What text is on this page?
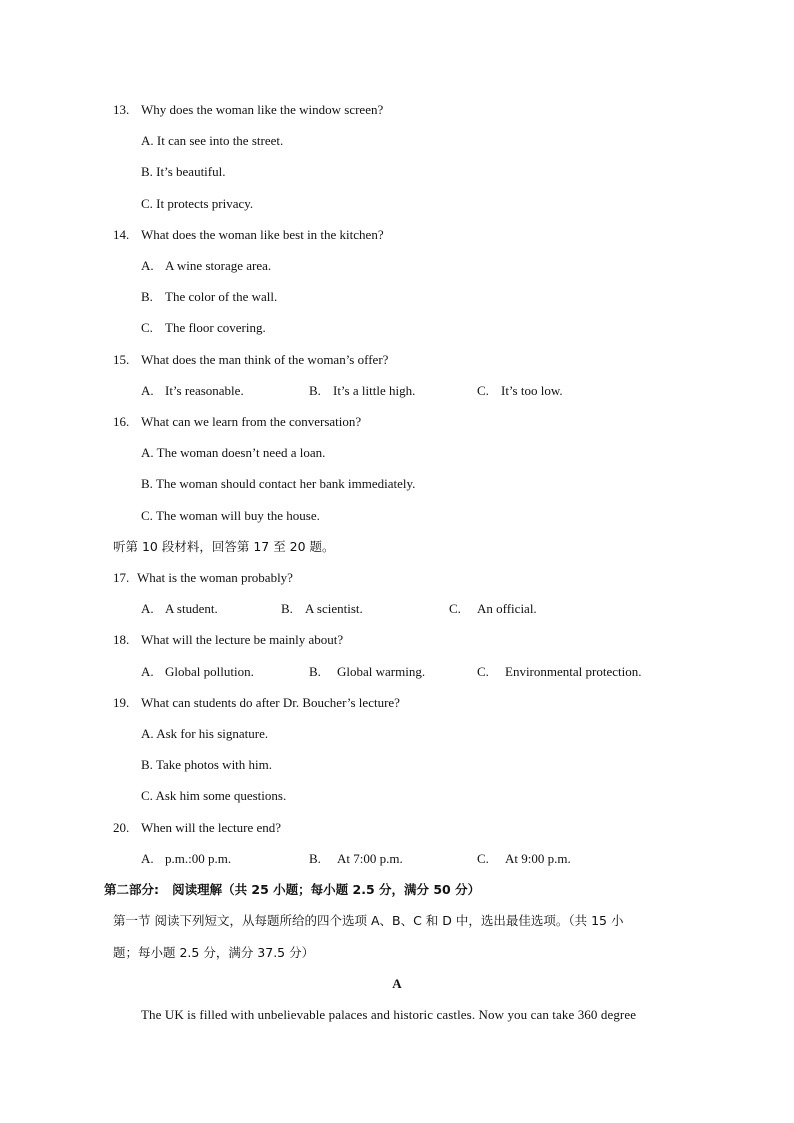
13. Why does the woman like the window screen?
A. It can see into the street.
B. It’s beautiful.
C. It protects privacy.
14. What does the woman like best in the kitchen?
A. A wine storage area.
B. The color of the wall.
C. The floor covering.
15. What does the man think of the woman’s offer?
A. It’s reasonable.	B. It’s a little high.	C. It’s too low.
16. What can we learn from the conversation?
A. The woman doesn’t need a loan.
B. The woman should contact her bank immediately.
C. The woman will buy the house.
听第 10 段材料，回答第 17 至 20 题。
17. What is the woman probably?
A. A student.	B. A scientist.	C. An official.
18. What will the lecture be mainly about?
A. Global pollution.	B. Global warming.	C. Environmental protection.
19. What can students do after Dr. Boucher’s lecture?
A. Ask for his signature.
B. Take photos with him.
C. Ask him some questions.
20. When will the lecture end?
A. p.m.:00 p.m.	B. At 7:00 p.m.	C. At 9:00 p.m.
第二部分: 阅读理解（共 25 小题；每小题 2.5 分，满分 50 分）
第一节 阅读下列短文，从每题所给的四个选项 A、B、C 和 D 中，选出最佳选项。（共 15 小
题；每小题 2.5 分，满分 37.5 分）
A
The UK is filled with unbelievable palaces and historic castles. Now you can take 360 degree
